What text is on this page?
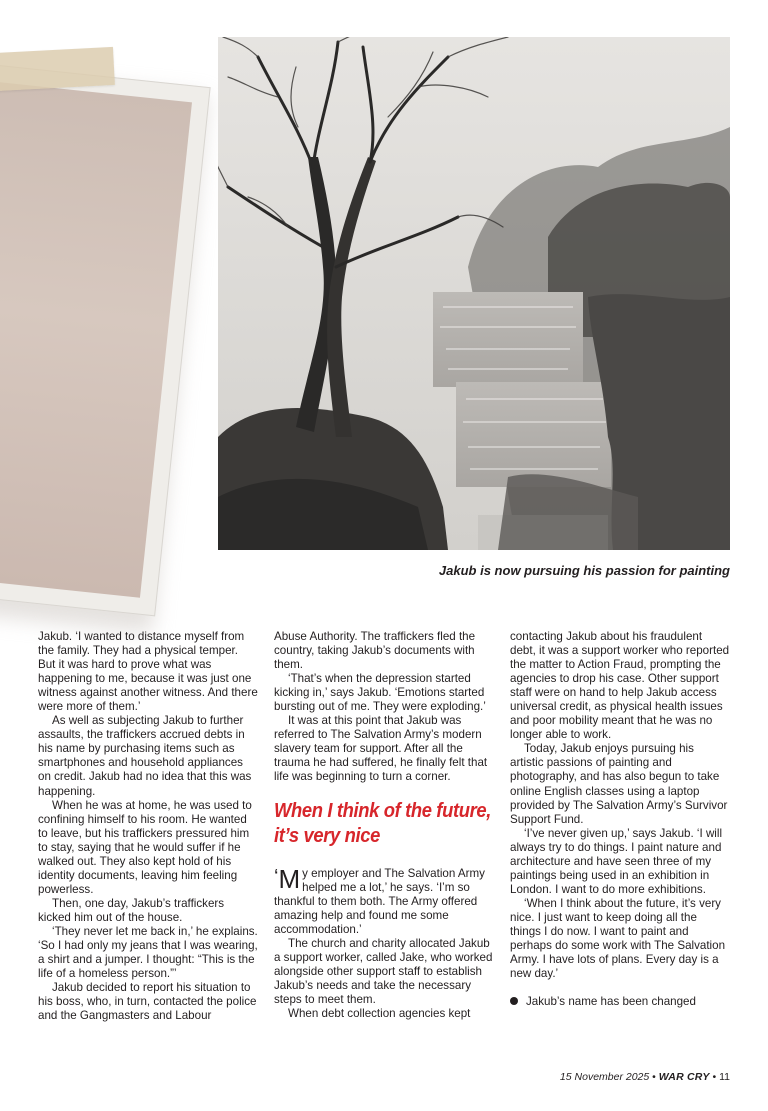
Jakub is now pursuing his passion for painting

Jakub. ‘I wanted to distance myself from the family. They had a physical temper. But it was hard to prove what was happening to me, because it was just one witness against another witness. And there were more of them.’

As well as subjecting Jakub to further assaults, the traffickers accrued debts in his name by purchasing items such as smartphones and household appliances on credit. Jakub had no idea that this was happening.

When he was at home, he was used to confining himself to his room. He wanted to leave, but his traffickers pressured him to stay, saying that he would suffer if he walked out. They also kept hold of his identity documents, leaving him feeling powerless.

Then, one day, Jakub’s traffickers kicked him out of the house.

‘They never let me back in,’ he explains. ‘So I had only my jeans that I was wearing, a shirt and a jumper. I thought: “This is the life of a homeless person.”’

Jakub decided to report his situation to his boss, who, in turn, contacted the police and the Gangmasters and Labour

Abuse Authority. The traffickers fled the country, taking Jakub’s documents with them.

‘That’s when the depression started kicking in,’ says Jakub. ‘Emotions started bursting out of me. They were exploding.’

It was at this point that Jakub was referred to The Salvation Army’s modern slavery team for support. After all the trauma he had suffered, he finally felt that life was beginning to turn a corner.

When I think of the future, it’s very nice

‘M y employer and The Salvation Army helped me a lot,’ he says. ‘I’m so thankful to them both. The Army offered amazing help and found me some accommodation.’

The church and charity allocated Jakub a support worker, called Jake, who worked alongside other support staff to establish Jakub’s needs and take the necessary steps to meet them.

When debt collection agencies kept

contacting Jakub about his fraudulent debt, it was a support worker who reported the matter to Action Fraud, prompting the agencies to drop his case. Other support staff were on hand to help Jakub access universal credit, as physical health issues and poor mobility meant that he was no longer able to work.

Today, Jakub enjoys pursuing his artistic passions of painting and photography, and has also begun to take online English classes using a laptop provided by The Salvation Army’s Survivor Support Fund.

‘I’ve never given up,’ says Jakub. ‘I will always try to do things. I paint nature and architecture and have seen three of my paintings being used in an exhibition in London. I want to do more exhibitions.

‘When I think about the future, it’s very nice. I just want to keep doing all the things I do now. I want to paint and perhaps do some work with The Salvation Army. I have lots of plans. Every day is a new day.’

Jakub’s name has been changed

15 November 2025 • WAR CRY • 11
